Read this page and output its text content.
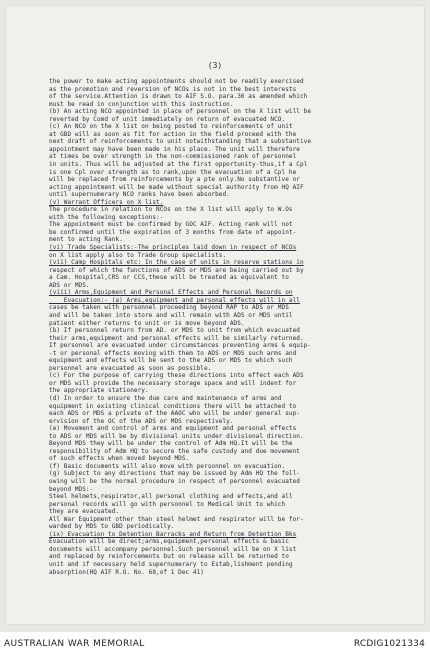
(3)
the power to make acting appointments should not be readily exercised
as the promotion and reversion of NCOs is not in the best interests
of the service.Attention is drawn to AIF S.O. para.36 as amended which
must be read in conjunction with this instruction.
(b) An acting NCO appointed in place of personnel on the X list will be
reverted by Comd of unit immediately on return of evacuated NCO.
(c) An NCO on the X list on being posted to reinforcements of unit
at GBD will as soon as fit for action in the field proceed with the
next draft of reinforcements to unit notwithstanding that a substantive
appointment may have been made in his place. The unit will therefore
at times be over strength in the non-commissioned rank of personnel
in units. Thus will be adjusted at the first opportunity-thus,if a Cpl
is one Cpl over strength as to rank,upon the evacuation of a Cpl he
will be replaced from reinforcements by a pte only.No substantive or
acting appointment will be made without special authority from HQ AIF
until supernumerary NCO ranks have been absorbed.
(v) Warrant Officers on X list.
The procedure in relation to NCOs on the X list will apply to W.Os
with the following exceptions:-
The appointment must be confirmed by GOC AIF. Acting rank will not
be confirmed until the expiration of 3 months from date of appoint-
ment to acting Rank.
(vi) Trade Specialists:-The principles laid down in respect of NCOs
on X list apply also to Trade Group specialists.
(vii) Camp Hospitals etc: In the case of units in reserve stations in
respect of which the functions of ADS or MDS are being carried out by
a Cam. Hospital,CRS or CCS,these will be treated as equivalent to
ADS or MDS.
(viii) Arms,Equipment and Personal Effects and Personal Records on
Evacuation:- (a) Arms,equipment and personal effects will in all
cases be taken with personnel proceeding beyond RAP to ADS or MDS
and will be taken into store and will remain with ADS or MDS until
patient either returns to unit or is move beyond ADS.
(b) If personnel return from AD. or MDS to unit from which evacuated
their arms,equipment and personal effects will be similarly returned.
If personnel are evacuated under circumstances preventing arms & equip-
-t or personal effects moving with them to ADS or MDS such arms and
equipment and effects will be sent to the ADS or MDS to which such
personnel are evacuated as soon as possible.
(c) For the purpose of carrying these directions into effect each ADS
or MDS will provide the necessary storage space and will indent for
the appropriate stationery.
(d) In order to ensure the due care and maintenance of arms and
equipment in existing clinical conditions there will be attached to
each ADS or MDS a private of the AAOC who will be under general sup-
ervision of the OC of the ADS or MDS respectively.
(e) Movement and control of arms and equipment and personal effects
to ADS or MDS will be by divisional units under divisional direction.
Beyond MDS they will be under the control of Adm HQ.It will be the
responsibility of Adm HQ to secure the safe custody and due movement
of such effects when moved beyond MDS.
(f) Basic documents will also move with personnel on evacuation.
(g) Subject to any directions that may be issued by Adm HQ the foll-
owing will be the normal procedure in respect of personnel evacuated
beyond MDS:-
Steel helmets,respirator,all personal clothing and effects,and all
personal records will go with personnel to Medical Unit to which
they are evacuated.
All War Equipment other than steel helmet and respirator will be for-
warded by MDS to GBD periodically.
(ix) Evacuation to Detention Barracks and Return from Detention Bks
Evacuation will be direct;arms,equipment,personal effects & basic
documents will accompany personnel.Such personnel will be on X list
and replaced by reinforcements but on release will be returned to
unit and if necessary held supernumerary to Estab,lishment pending
absorption(HQ AIF R.O. No. 68,of 1 Dec 41)
AUSTRALIAN WAR MEMORIAL	RCDIG1021334
